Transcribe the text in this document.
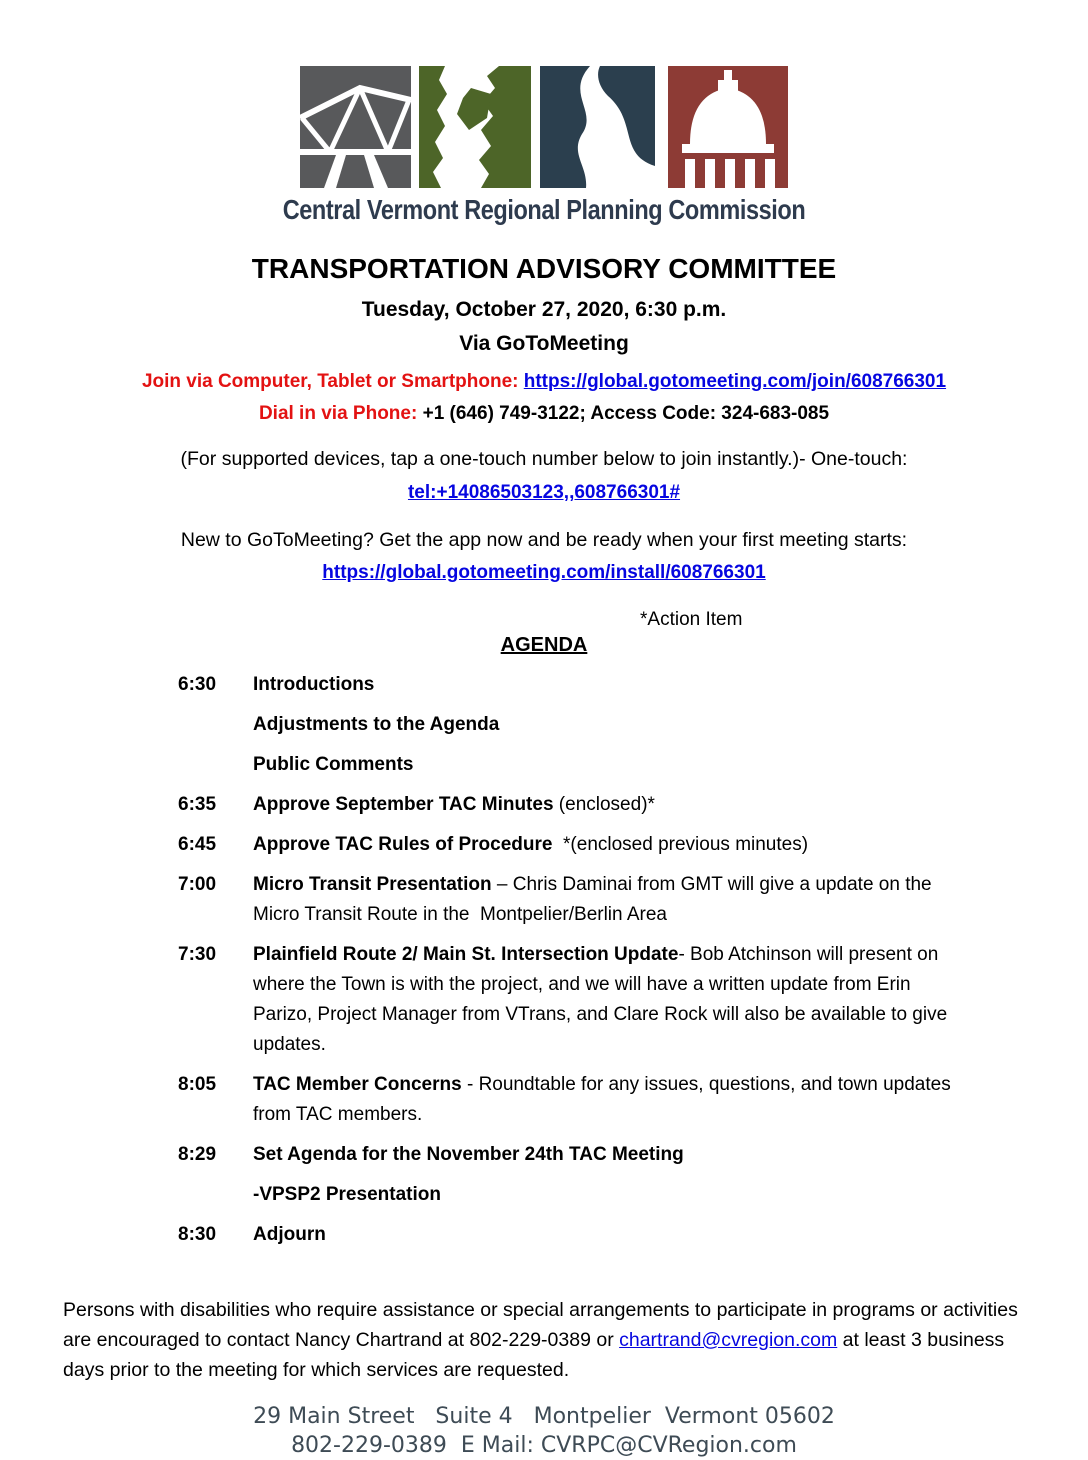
Central Vermont Regional Planning Commission
TRANSPORTATION ADVISORY COMMITTEE
Tuesday, October 27, 2020, 6:30 p.m.
Via GoToMeeting
Join via Computer, Tablet or Smartphone: https://global.gotomeeting.com/join/608766301
Dial in via Phone: +1 (646) 749-3122; Access Code: 324-683-085
(For supported devices, tap a one-touch number below to join instantly.)- One-touch:
tel:+14086503123,,608766301#
New to GoToMeeting? Get the app now and be ready when your first meeting starts:
https://global.gotomeeting.com/install/608766301
*Action Item
AGENDA
6:30	Introductions
Adjustments to the Agenda
Public Comments
6:35	Approve September TAC Minutes (enclosed)*
6:45	Approve TAC Rules of Procedure  *(enclosed previous minutes)
7:00	Micro Transit Presentation – Chris Daminai from GMT will give a update on the Micro Transit Route in the  Montpelier/Berlin Area
7:30	Plainfield Route 2/ Main St. Intersection Update- Bob Atchinson will present on where the Town is with the project, and we will have a written update from Erin Parizo, Project Manager from VTrans, and Clare Rock will also be available to give updates.
8:05	TAC Member Concerns - Roundtable for any issues, questions, and town updates from TAC members.
8:29	Set Agenda for the November 24th TAC Meeting
-VPSP2 Presentation
8:30	Adjourn
Persons with disabilities who require assistance or special arrangements to participate in programs or activities are encouraged to contact Nancy Chartrand at 802-229-0389 or chartrand@cvregion.com at least 3 business days prior to the meeting for which services are requested.
29 Main Street   Suite 4   Montpelier  Vermont 05602
802-229-0389  E Mail: CVRPC@CVRegion.com
